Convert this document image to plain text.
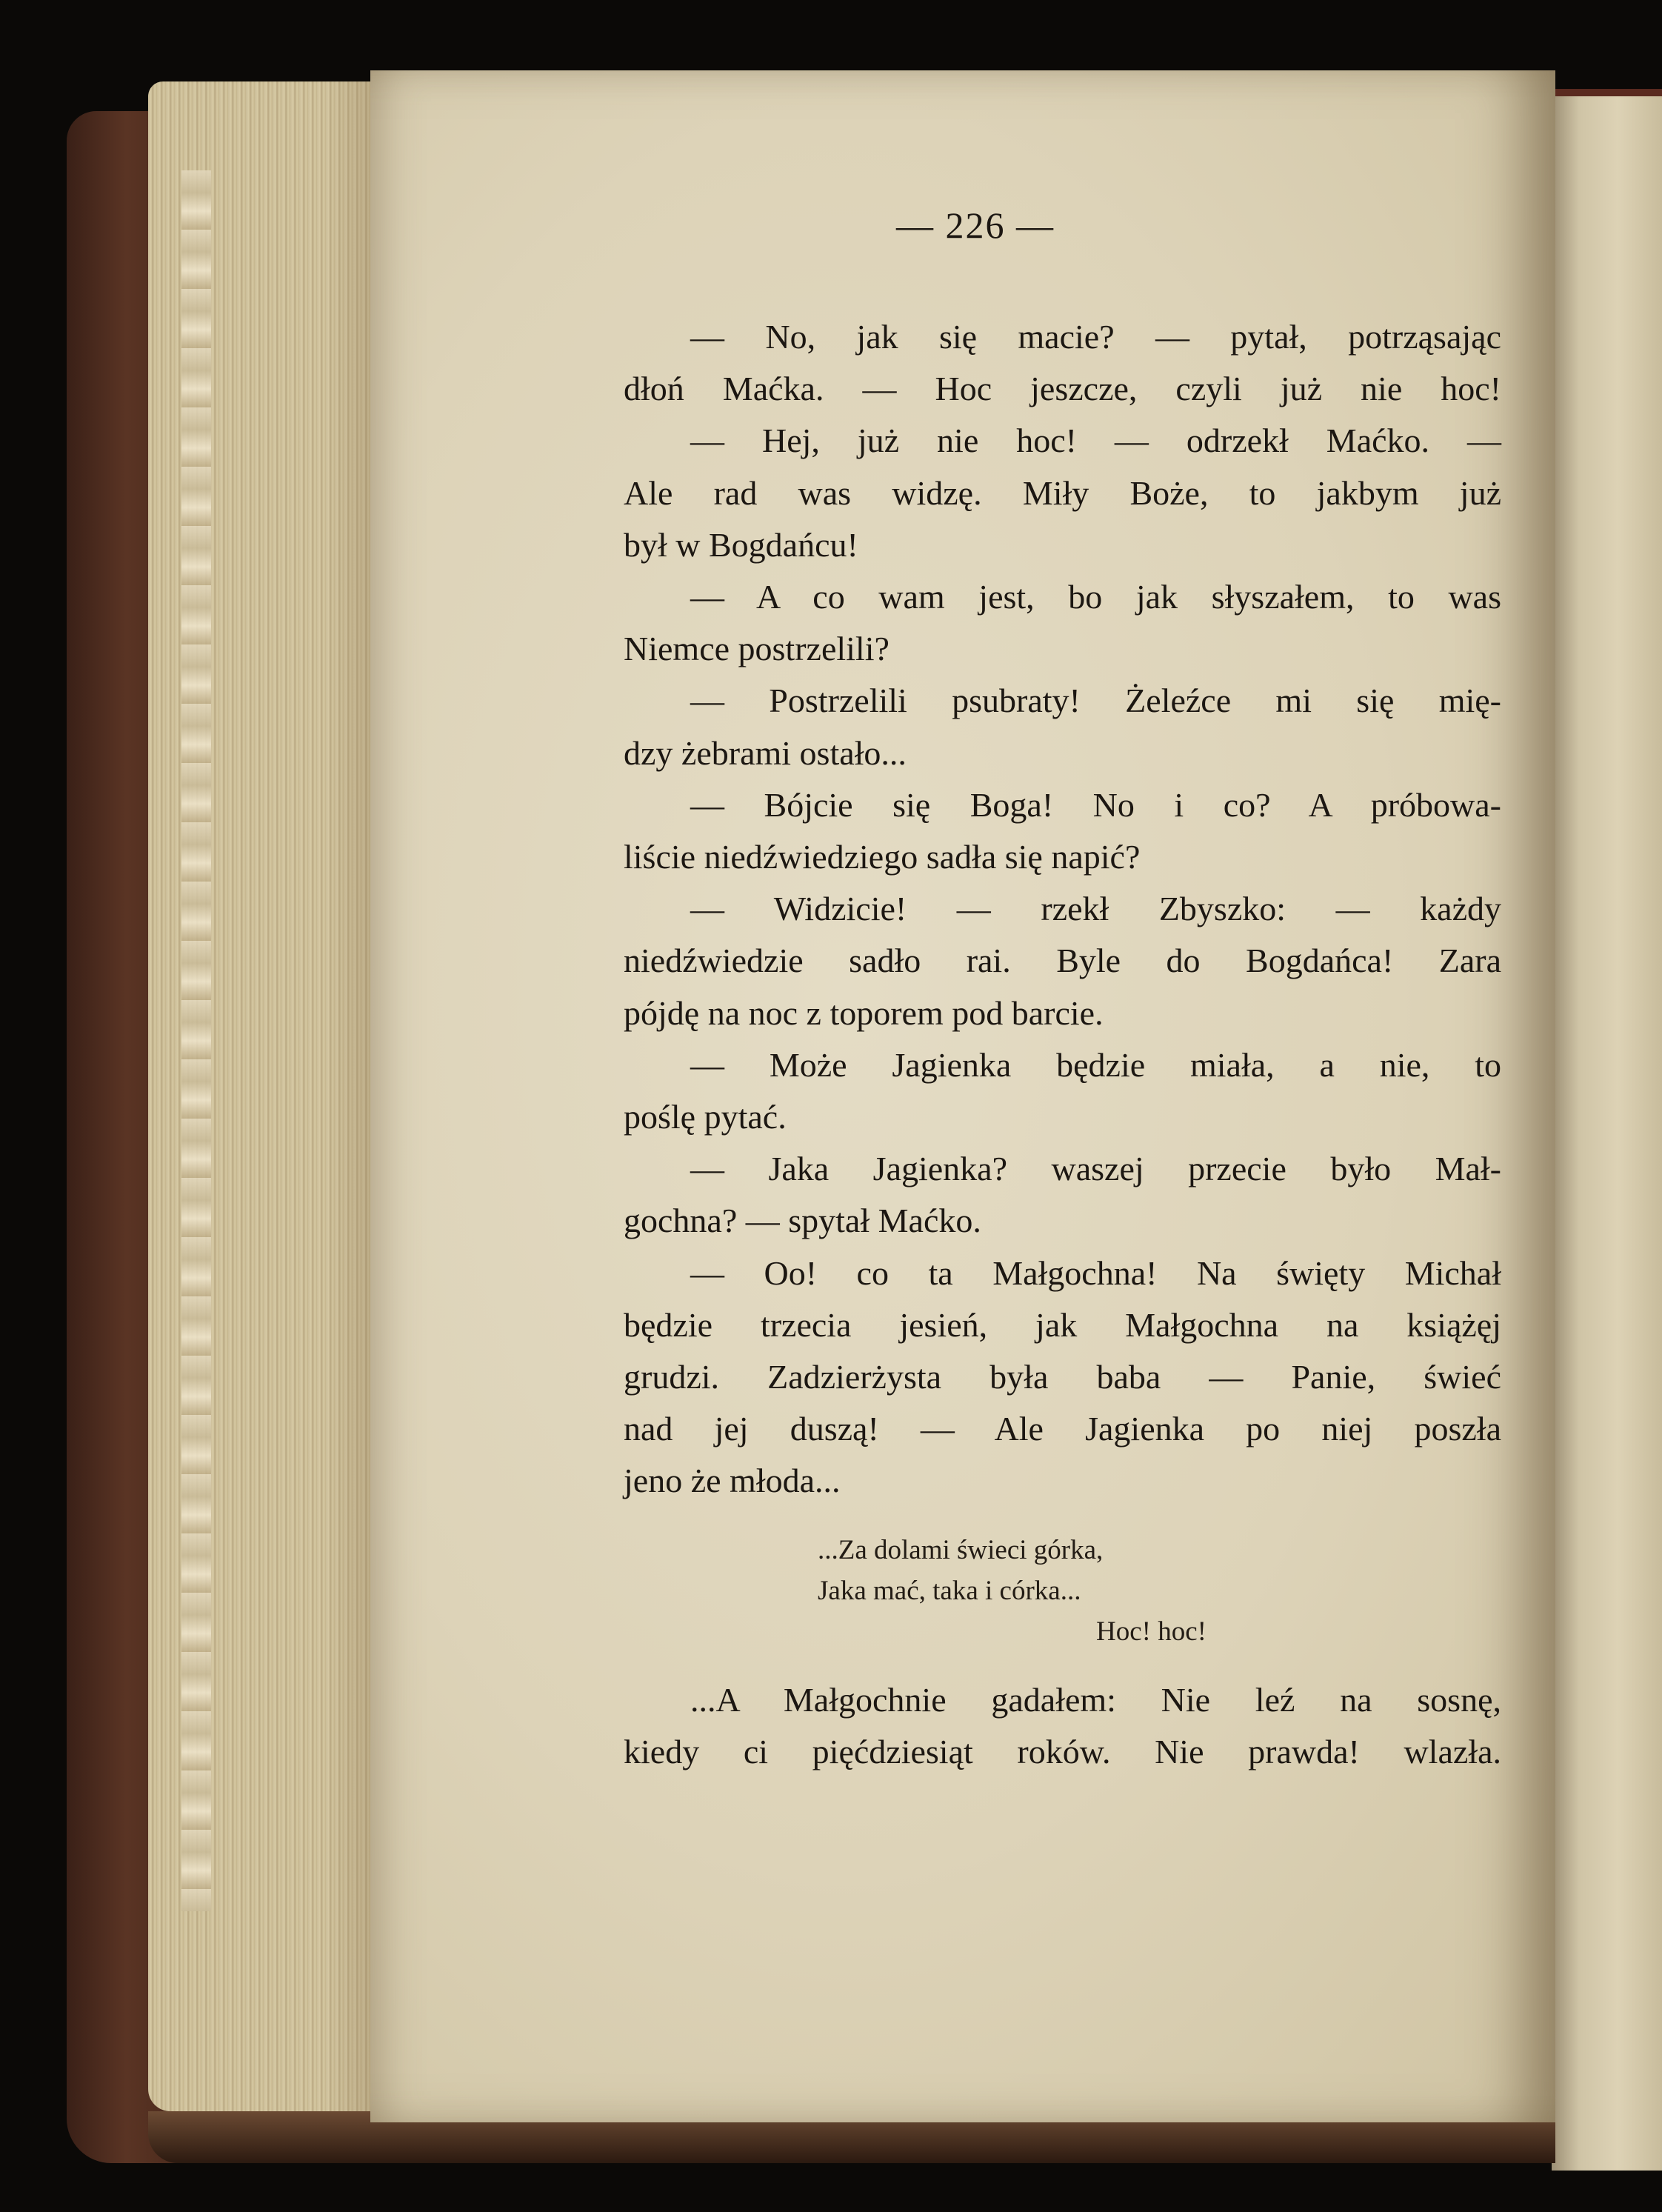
— 226 —

— No, jak się macie? — pytał, potrząsając
dłoń Maćka. — Hoc jeszcze, czyli już nie hoc!

— Hej, już nie hoc! — odrzekł Maćko. —
Ale rad was widzę. Miły Boże, to jakbym już

był w Bogdańcu!

— A co wam jest, bo jak słyszałem, to was

Niemce postrzelili?

— Postrzelili psubraty! Żeleźce mi się mię-

dzy żebrami ostało...

— Bójcie się Boga! No i co? A próbowa-

liście niedźwiedziego sadła się napić?

— Widzicie! — rzekł Zbyszko: — każdy
niedźwiedzie sadło rai. Byle do Bogdańca! Zara

pójdę na noc z toporem pod barcie.

— Może Jagienka będzie miała, a nie, to

poślę pytać.

— Jaka Jagienka? waszej przecie było Mał-

gochna? — spytał Maćko.

— Oo! co ta Małgochna! Na święty Michał
będzie trzecia jesień, jak Małgochna na książęj
grudzi. Zadzierżysta była baba — Panie, świeć
nad jej duszą! — Ale Jagienka po niej poszła

jeno że młoda...

...Za dolami świeci górka,
Jaka mać, taka i córka...
Hoc! hoc!

...A Małgochnie gadałem: Nie leź na sosnę,
kiedy ci pięćdziesiąt roków. Nie prawda! wlazła.
